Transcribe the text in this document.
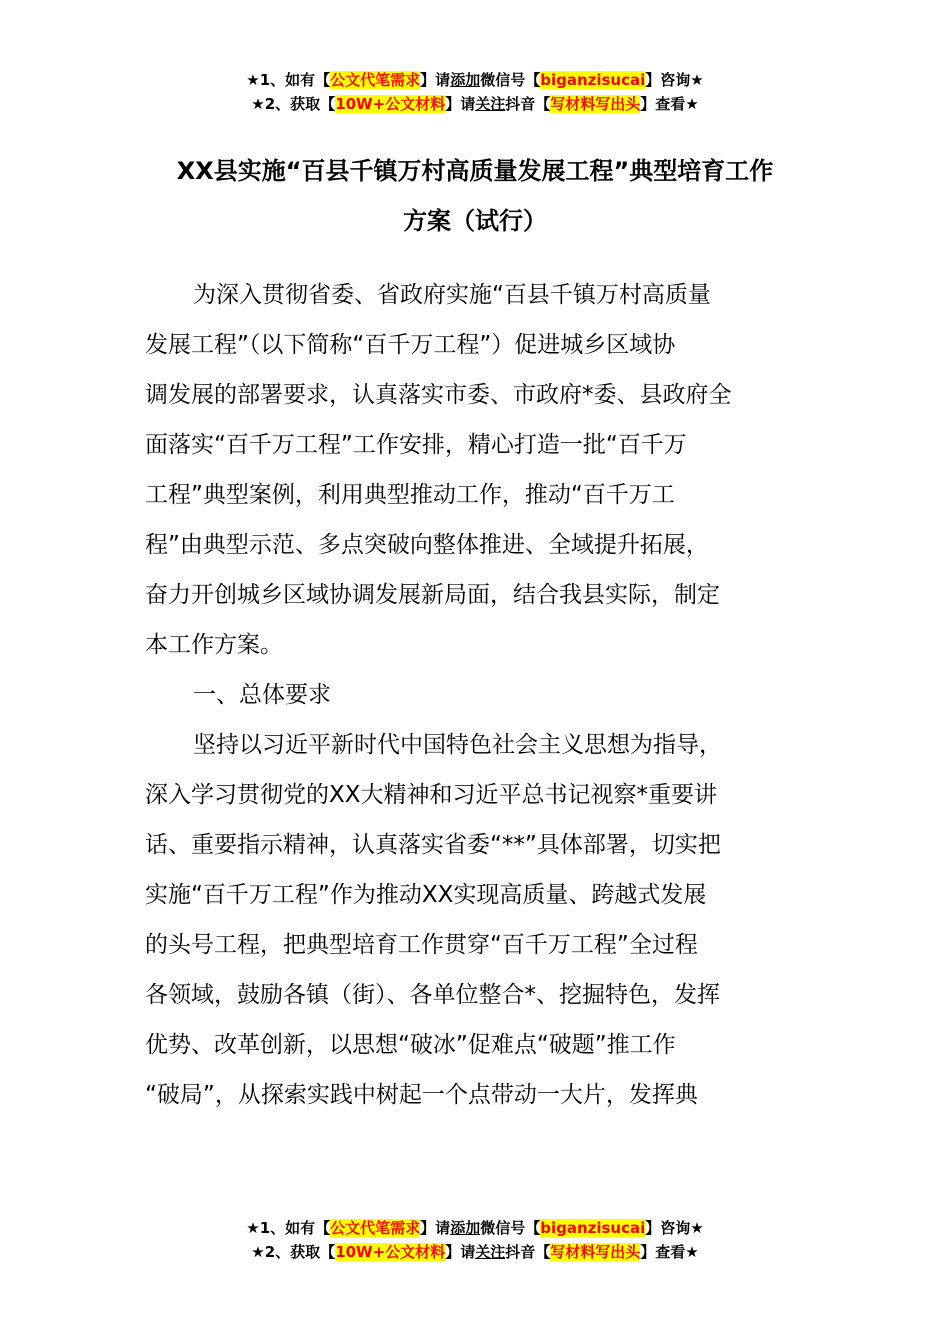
★1、如有【公文代笔需求】请添加微信号【biganzisucai】咨询★
★2、获取【10W+公文材料】请关注抖音【写材料写出头】查看★
XX县实施“百县千镇万村高质量发展工程”典型培育工作
方案（试行）
为深入贯彻省委、省政府实施“百县千镇万村高质量
发展工程”（以下简称“百千万工程”）促进城乡区域协
调发展的部署要求，认真落实市委、市政府*委、县政府全
面落实“百千万工程”工作安排，精心打造一批“百千万
工程”典型案例，利用典型推动工作，推动“百千万工
程”由典型示范、多点突破向整体推进、全域提升拓展，
奋力开创城乡区域协调发展新局面，结合我县实际，制定
本工作方案。
一、总体要求
坚持以习近平新时代中国特色社会主义思想为指导，
深入学习贯彻党的XX大精神和习近平总书记视察*重要讲
话、重要指示精神，认真落实省委“**”具体部署，切实把
实施“百千万工程”作为推动XX实现高质量、跨越式发展
的头号工程，把典型培育工作贯穿“百千万工程”全过程
各领域，鼓励各镇（街）、各单位整合*、挖掘特色，发挥
优势、改革创新，以思想“破冰”促难点“破题”推工作
“破局”，从探索实践中树起一个点带动一大片，发挥典
★1、如有【公文代笔需求】请添加微信号【biganzisucai】咨询★
★2、获取【10W+公文材料】请关注抖音【写材料写出头】查看★
